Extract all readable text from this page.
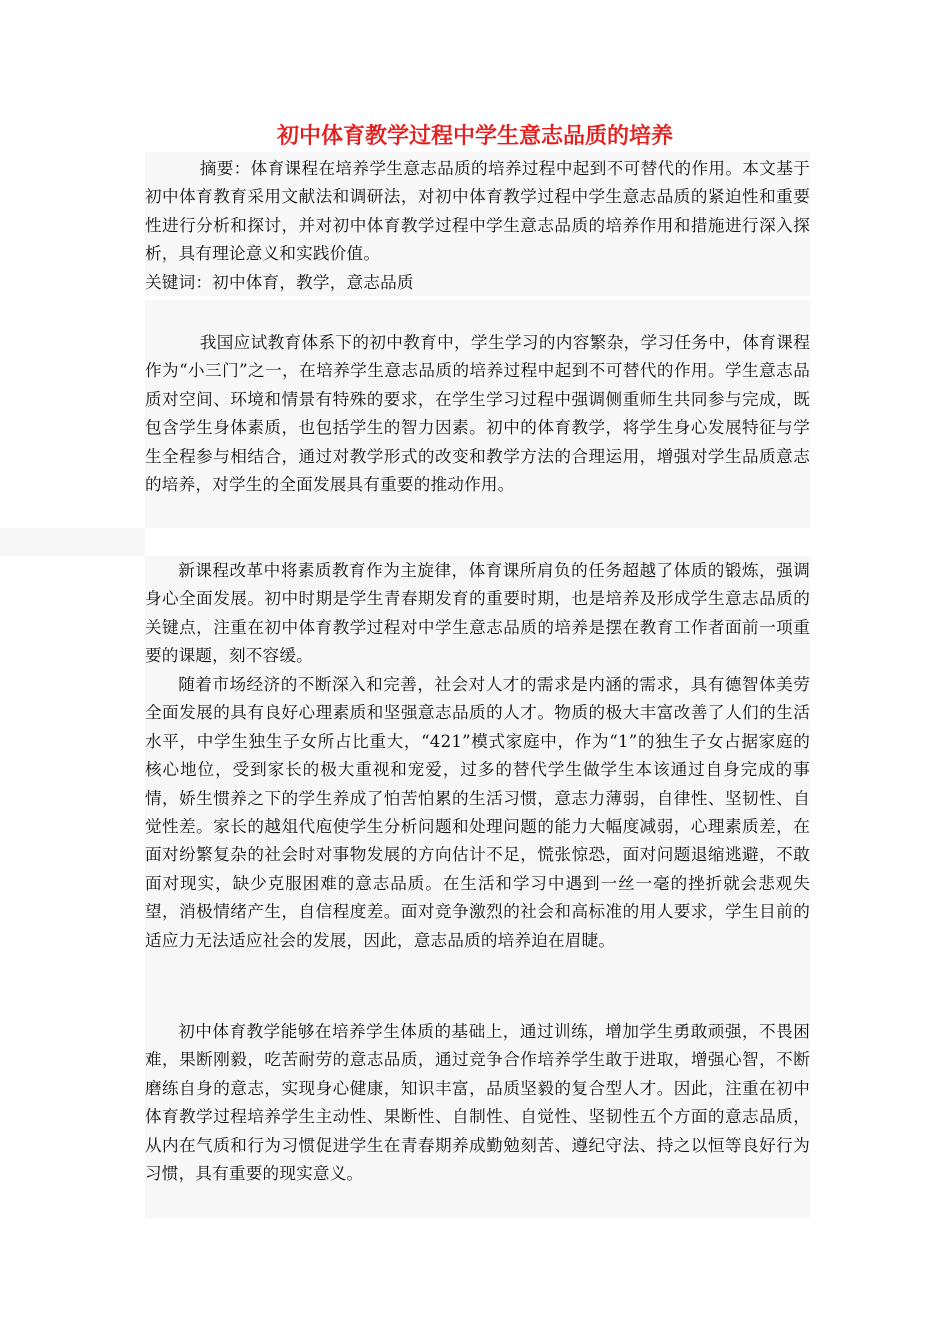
初中体育教学过程中学生意志品质的培养

摘要：体育课程在培养学生意志品质的培养过程中起到不可替代的作用。本文基于初中体育教育采用文献法和调研法，对初中体育教学过程中学生意志品质的紧迫性和重要性进行分析和探讨，并对初中体育教学过程中学生意志品质的培养作用和措施进行深入探析，具有理论意义和实践价值。

关键词：初中体育，教学，意志品质

我国应试教育体系下的初中教育中，学生学习的内容繁杂，学习任务中，体育课程作为“小三门”之一，在培养学生意志品质的培养过程中起到不可替代的作用。学生意志品质对空间、环境和情景有特殊的要求，在学生学习过程中强调侧重师生共同参与完成，既包含学生身体素质，也包括学生的智力因素。初中的体育教学，将学生身心发展特征与学生全程参与相结合，通过对教学形式的改变和教学方法的合理运用，增强对学生品质意志的培养，对学生的全面发展具有重要的推动作用。

新课程改革中将素质教育作为主旋律，体育课所肩负的任务超越了体质的锻炼，强调身心全面发展。初中时期是学生青春期发育的重要时期，也是培养及形成学生意志品质的关键点，注重在初中体育教学过程对中学生意志品质的培养是摆在教育工作者面前一项重要的课题，刻不容缓。

随着市场经济的不断深入和完善，社会对人才的需求是内涵的需求，具有德智体美劳全面发展的具有良好心理素质和坚强意志品质的人才。物质的极大丰富改善了人们的生活水平，中学生独生子女所占比重大，“421”模式家庭中，作为“1”的独生子女占据家庭的核心地位，受到家长的极大重视和宠爱，过多的替代学生做学生本该通过自身完成的事情，娇生惯养之下的学生养成了怕苦怕累的生活习惯，意志力薄弱，自律性、坚韧性、自觉性差。家长的越俎代庖使学生分析问题和处理问题的能力大幅度减弱，心理素质差，在面对纷繁复杂的社会时对事物发展的方向估计不足，慌张惊恐，面对问题退缩逃避，不敢面对现实，缺少克服困难的意志品质。在生活和学习中遇到一丝一毫的挫折就会悲观失望，消极情绪产生，自信程度差。面对竞争激烈的社会和高标准的用人要求，学生目前的适应力无法适应社会的发展，因此，意志品质的培养迫在眉睫。

初中体育教学能够在培养学生体质的基础上，通过训练，增加学生勇敢顽强，不畏困难，果断刚毅，吃苦耐劳的意志品质，通过竞争合作培养学生敢于进取，增强心智，不断磨练自身的意志，实现身心健康，知识丰富，品质坚毅的复合型人才。因此，注重在初中体育教学过程培养学生主动性、果断性、自制性、自觉性、坚韧性五个方面的意志品质，从内在气质和行为习惯促进学生在青春期养成勤勉刻苦、遵纪守法、持之以恒等良好行为习惯，具有重要的现实意义。
